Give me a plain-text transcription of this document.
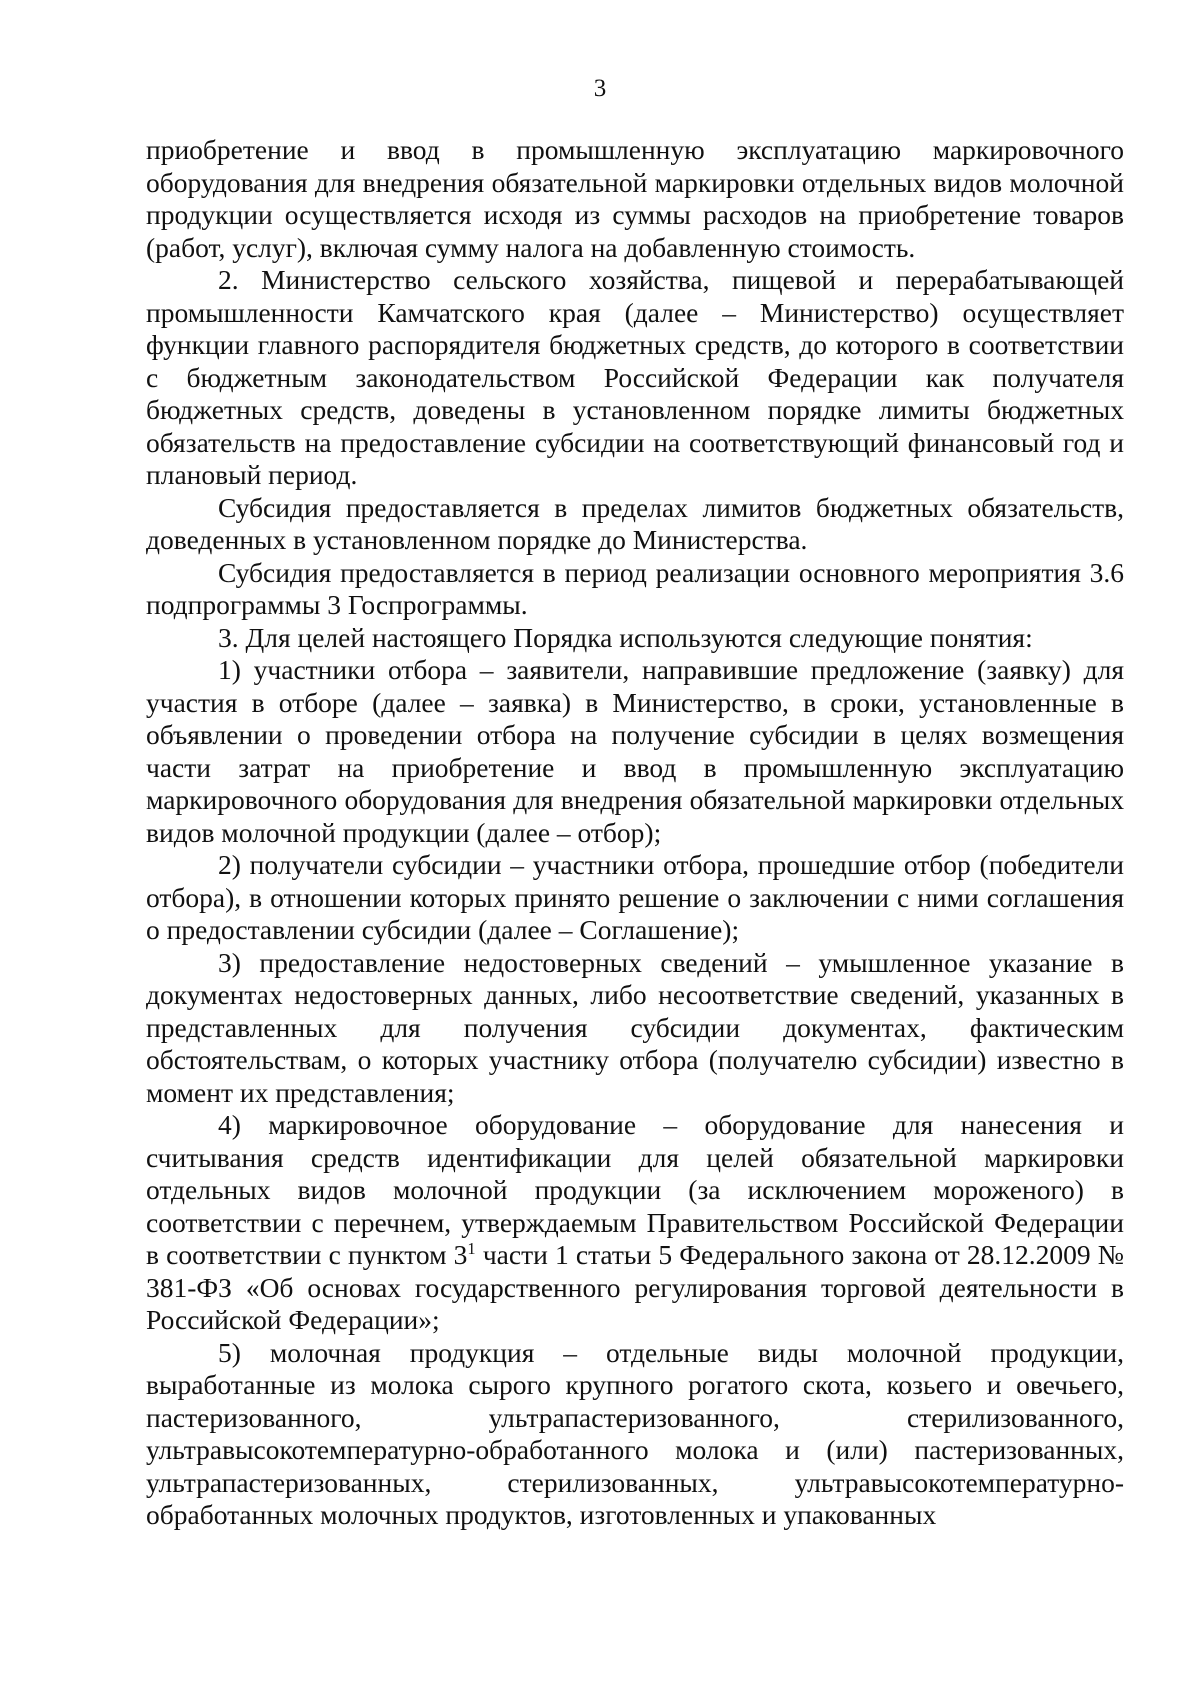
3

приобретение и ввод в промышленную эксплуатацию маркировочного оборудования для внедрения обязательной маркировки отдельных видов молочной продукции осуществляется исходя из суммы расходов на приобретение товаров (работ, услуг), включая сумму налога на добавленную стоимость.

2. Министерство сельского хозяйства, пищевой и перерабатывающей промышленности Камчатского края (далее – Министерство) осуществляет функции главного распорядителя бюджетных средств, до которого в соответствии с бюджетным законодательством Российской Федерации как получателя бюджетных средств, доведены в установленном порядке лимиты бюджетных обязательств на предоставление субсидии на соответствующий финансовый год и плановый период.

Субсидия предоставляется в пределах лимитов бюджетных обязательств, доведенных в установленном порядке до Министерства.

Субсидия предоставляется в период реализации основного мероприятия 3.6 подпрограммы 3 Госпрограммы.

3. Для целей настоящего Порядка используются следующие понятия:

1) участники отбора – заявители, направившие предложение (заявку) для участия в отборе (далее – заявка) в Министерство, в сроки, установленные в объявлении о проведении отбора на получение субсидии в целях возмещения части затрат на приобретение и ввод в промышленную эксплуатацию маркировочного оборудования для внедрения обязательной маркировки отдельных видов молочной продукции (далее – отбор);

2) получатели субсидии – участники отбора, прошедшие отбор (победители отбора), в отношении которых принято решение о заключении с ними соглашения о предоставлении субсидии (далее – Соглашение);

3) предоставление недостоверных сведений – умышленное указание в документах недостоверных данных, либо несоответствие сведений, указанных в представленных для получения субсидии документах, фактическим обстоятельствам, о которых участнику отбора (получателю субсидии) известно в момент их представления;

4) маркировочное оборудование – оборудование для нанесения и считывания средств идентификации для целей обязательной маркировки отдельных видов молочной продукции (за исключением мороженого) в соответствии с перечнем, утверждаемым Правительством Российской Федерации в соответствии с пунктом $3^1$ части 1 статьи 5 Федерального закона от 28.12.2009 № 381-ФЗ «Об основах государственного регулирования торговой деятельности в Российской Федерации»;

5) молочная продукция – отдельные виды молочной продукции, выработанные из молока сырого крупного рогатого скота, козьего и овечьего, пастеризованного, ультрапастеризованного, стерилизованного, ультравысокотемпературно-обработанного молока и (или) пастеризованных, ультрапастеризованных, стерилизованных, ультравысокотемпературно-обработанных молочных продуктов, изготовленных и упакованных
